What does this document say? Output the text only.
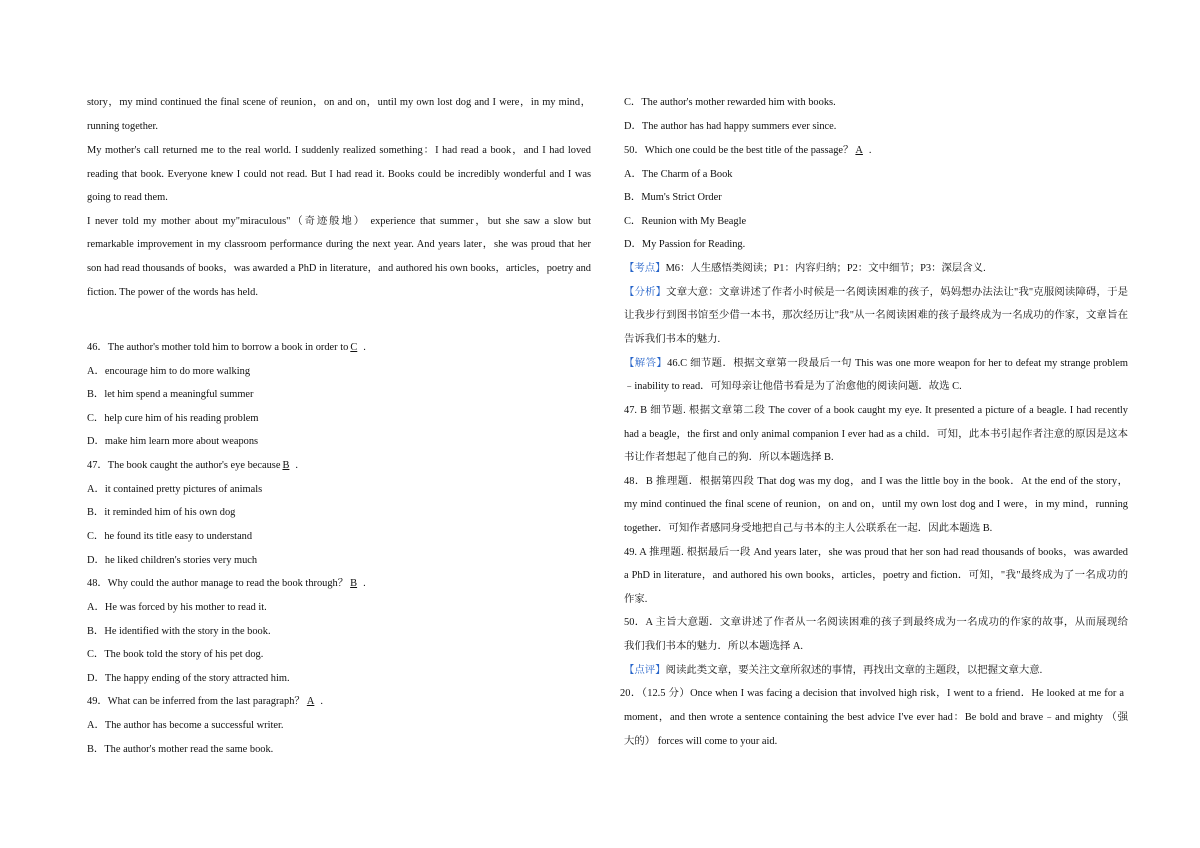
story，my mind continued the final scene of reunion，on and on，until my own lost dog and I were，in my mind，
running together.
My mother's call returned me to the real world. I suddenly realized something：I had read a book，and I had loved
reading that book. Everyone knew I could not read. But I had read it. Books could be incredibly wonderful and I was
going to read them.
I never told my mother about my"miraculous"（奇迹般地） experience that summer，but she saw a slow but
remarkable improvement in my classroom performance during the next year. And years later，she was proud that her
son had read thousands of books，was awarded a PhD in literature，and authored his own books，articles，poetry and
fiction. The power of the words has held.
46．The author's mother told him to borrow a book in order to C .
A．encourage him to do more walking
B．let him spend a meaningful summer
C．help cure him of his reading problem
D．make him learn more about weapons
47．The book caught the author's eye because B .
A．it contained pretty pictures of animals
B．it reminded him of his own dog
C．he found its title easy to understand
D．he liked children's stories very much
48．Why could the author manage to read the book through？ B .
A．He was forced by his mother to read it.
B．He identified with the story in the book.
C．The book told the story of his pet dog.
D．The happy ending of the story attracted him.
49．What can be inferred from the last paragraph？ A .
A．The author has become a successful writer.
B．The author's mother read the same book.
C．The author's mother rewarded him with books.
D．The author has had happy summers ever since.
50．Which one could be the best title of the passage？ A .
A．The Charm of a Book
B．Mum's Strict Order
C．Reunion with My Beagle
D．My Passion for Reading.
【考点】M6：人生感悟类阅读；P1：内容归纳；P2：文中细节；P3：深层含义.
【分析】文章大意：文章讲述了作者小时候是一名阅读困难的孩子，妈妈想办法法让"我"克服阅读障碍，于是
让我步行到图书馆至少借一本书，那次经历让"我"从一名阅读困难的孩子最终成为一名成功的作家，文章旨在
告诉我们书本的魅力.
【解答】46.C 细节题．根据文章第一段最后一句 This was one more weapon for her to defeat my strange problem
﹣inability to read．可知母亲让他借书看是为了治愈他的阅读问题．故选 C.
47. B 细节题. 根据文章第二段 The cover of a book caught my eye. It presented a picture of a beagle. I had recently
had a beagle，the first and only animal companion I ever had as a child．可知，此本书引起作者注意的原因是这本
书让作者想起了他自己的狗．所以本题选择 B.
48．B 推理题．根据第四段 That dog was my dog，and I was the little boy in the book．At the end of the story，
my mind continued the final scene of reunion，on and on，until my own lost dog and I were，in my mind，running
together．可知作者感同身受地把自己与书本的主人公联系在一起．因此本题选 B.
49. A 推理题. 根据最后一段 And years later，she was proud that her son had read thousands of books，was awarded
a PhD in literature，and authored his own books，articles，poetry and fiction．可知，"我"最终成为了一名成功的
作家.
50．A 主旨大意题．文章讲述了作者从一名阅读困难的孩子到最终成为一名成功的作家的故事，从而展现给
我们我们书本的魅力．所以本题选择 A.
【点评】阅读此类文章，要关注文章所叙述的事情，再找出文章的主题段，以把握文章大意.
20．（12.5 分）Once when I was facing a decision that involved high risk，I went to a friend．He looked at me for a
moment，and then wrote a sentence containing the best advice I've ever had：Be bold and brave﹣and mighty （强
大的） forces will come to your aid.
